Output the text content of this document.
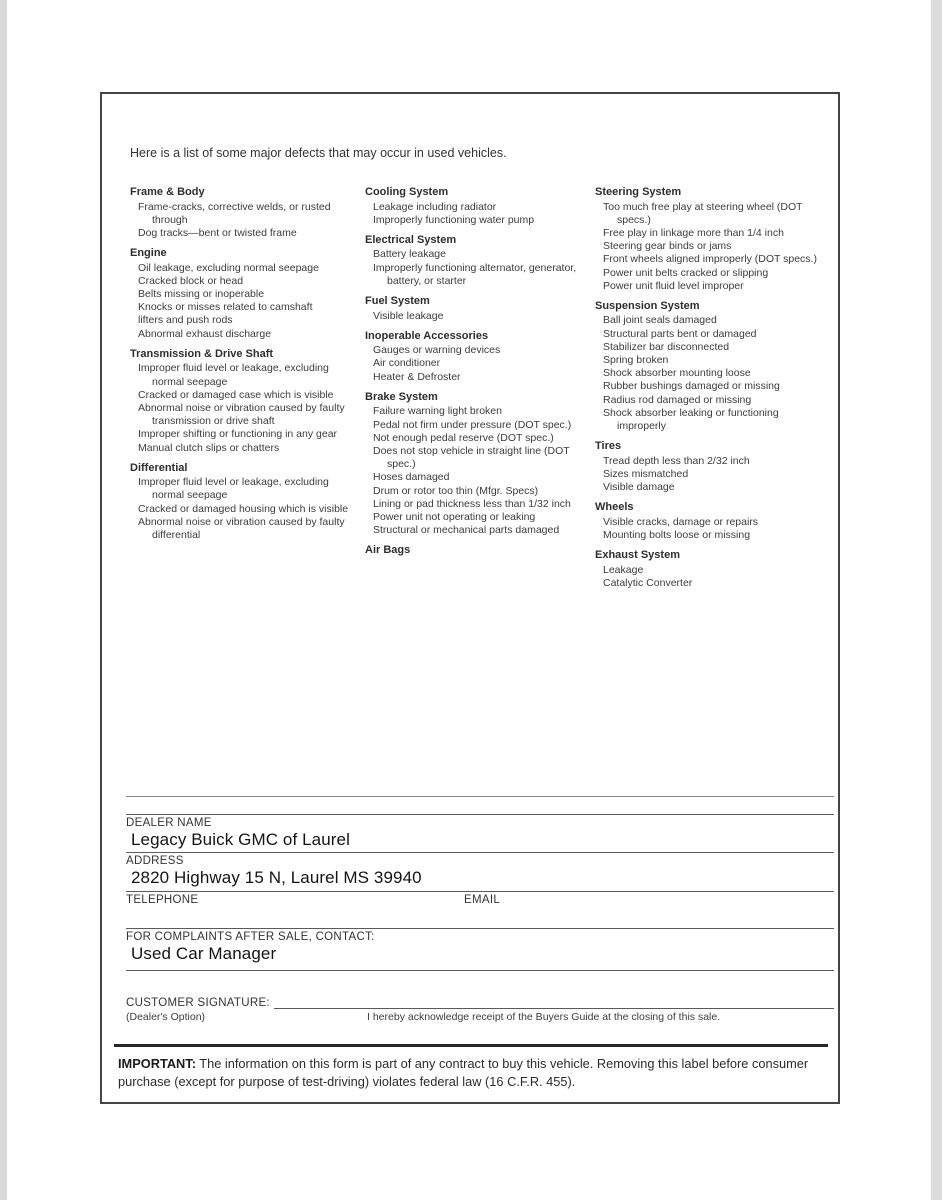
Here is a list of some major defects that may occur in used vehicles.
Frame & Body
Frame-cracks, corrective welds, or rusted through
Dog tracks—bent or twisted frame
Engine
Oil leakage, excluding normal seepage
Cracked block or head
Belts missing or inoperable
Knocks or misses related to camshaft
lifters and push rods
Abnormal exhaust discharge
Transmission & Drive Shaft
Improper fluid level or leakage, excluding normal seepage
Cracked or damaged case which is visible
Abnormal noise or vibration caused by faulty transmission or drive shaft
Improper shifting or functioning in any gear
Manual clutch slips or chatters
Differential
Improper fluid level or leakage, excluding normal seepage
Cracked or damaged housing which is visible
Abnormal noise or vibration caused by faulty differential
Cooling System
Leakage including radiator
Improperly functioning water pump
Electrical System
Battery leakage
Improperly functioning alternator, generator, battery, or starter
Fuel System
Visible leakage
Inoperable Accessories
Gauges or warning devices
Air conditioner
Heater & Defroster
Brake System
Failure warning light broken
Pedal not firm under pressure (DOT spec.)
Not enough pedal reserve (DOT spec.)
Does not stop vehicle in straight line (DOT spec.)
Hoses damaged
Drum or rotor too thin (Mfgr. Specs)
Lining or pad thickness less than 1/32 inch
Power unit not operating or leaking
Structural or mechanical parts damaged
Air Bags
Steering System
Too much free play at steering wheel (DOT specs.)
Free play in linkage more than 1/4 inch
Steering gear binds or jams
Front wheels aligned improperly (DOT specs.)
Power unit belts cracked or slipping
Power unit fluid level improper
Suspension System
Ball joint seals damaged
Structural parts bent or damaged
Stabilizer bar disconnected
Spring broken
Shock absorber mounting loose
Rubber bushings damaged or missing
Radius rod damaged or missing
Shock absorber leaking or functioning improperly
Tires
Tread depth less than 2/32 inch
Sizes mismatched
Visible damage
Wheels
Visible cracks, damage or repairs
Mounting bolts loose or missing
Exhaust System
Leakage
Catalytic Converter
DEALER NAME
Legacy Buick GMC of Laurel
ADDRESS
2820 Highway 15 N, Laurel MS 39940
TELEPHONE	EMAIL
FOR COMPLAINTS AFTER SALE, CONTACT:
Used Car Manager
CUSTOMER SIGNATURE:
(Dealer's Option)	I hereby acknowledge receipt of the Buyers Guide at the closing of this sale.
IMPORTANT: The information on this form is part of any contract to buy this vehicle. Removing this label before consumer purchase (except for purpose of test-driving) violates federal law (16 C.F.R. 455).
